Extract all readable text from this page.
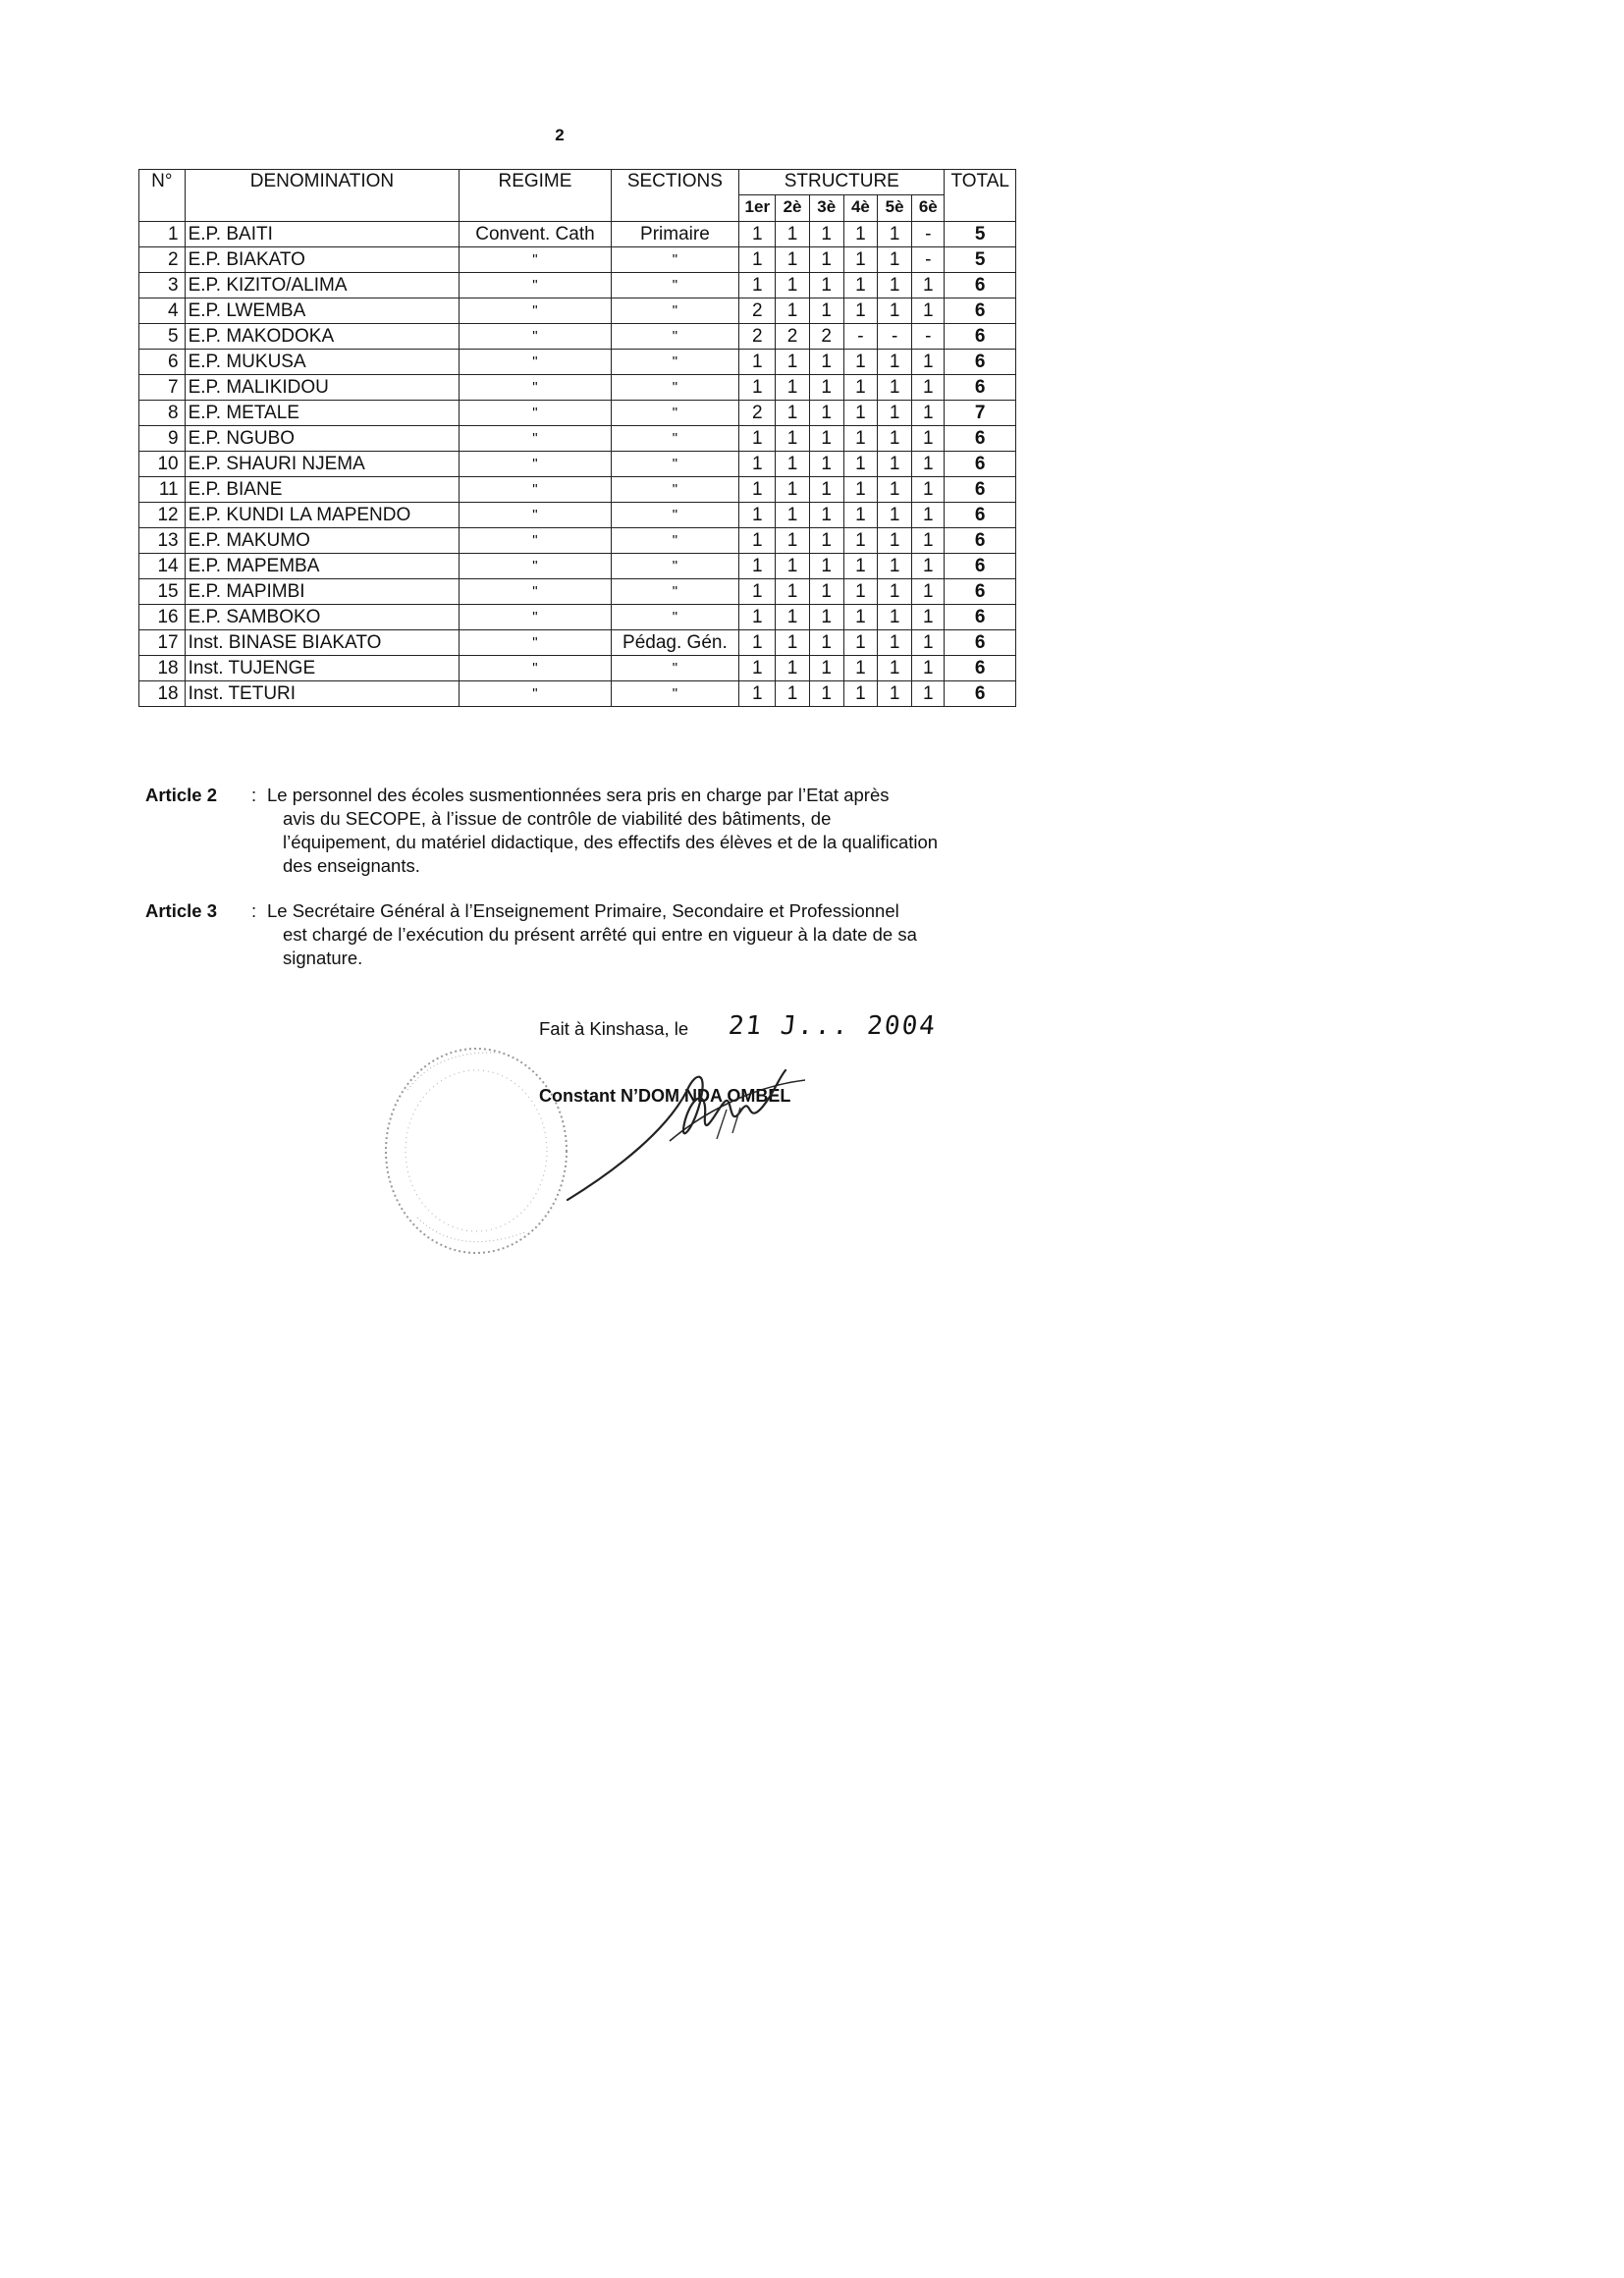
2
N°	DENOMINATION	REGIME	SECTIONS	STRUCTURE						TOTAL
				1er	2è	3è	4è	5è	6è	
1	E.P. BAITI	Convent. Cath	Primaire	1	1	1	1	1	-	5
2	E.P. BIAKATO	"	"	1	1	1	1	1	-	5
3	E.P. KIZITO/ALIMA	"	"	1	1	1	1	1	1	6
4	E.P. LWEMBA	"	"	2	1	1	1	1	1	6
5	E.P. MAKODOKA	"	"	2	2	2	-	-	-	6
6	E.P. MUKUSA	"	"	1	1	1	1	1	1	6
7	E.P. MALIKIDOU	"	"	1	1	1	1	1	1	6
8	E.P. METALE	"	"	2	1	1	1	1	1	7
9	E.P. NGUBO	"	"	1	1	1	1	1	1	6
10	E.P. SHAURI NJEMA	"	"	1	1	1	1	1	1	6
11	E.P. BIANE	"	"	1	1	1	1	1	1	6
12	E.P. KUNDI LA MAPENDO	"	"	1	1	1	1	1	1	6
13	E.P. MAKUMO	"	"	1	1	1	1	1	1	6
14	E.P. MAPEMBA	"	"	1	1	1	1	1	1	6
15	E.P. MAPIMBI	"	"	1	1	1	1	1	1	6
16	E.P. SAMBOKO	"	"	1	1	1	1	1	1	6
17	Inst. BINASE BIAKATO	"	Pédag. Gén.	1	1	1	1	1	1	6
18	Inst. TUJENGE	"	"	1	1	1	1	1	1	6
18	Inst. TETURI	"	"	1	1	1	1	1	1	6
Article 2	: Le personnel des écoles susmentionnées sera pris en charge par l’Etat après
avis du SECOPE, à l’issue de contrôle de viabilité des bâtiments, de
l’équipement, du matériel didactique, des effectifs des élèves et de la qualification
des enseignants.
Article 3	: Le Secrétaire Général à l’Enseignement Primaire, Secondaire et Professionnel
est chargé de l’exécution du présent arrêté qui entre en vigueur à la date de sa
signature.
Fait à Kinshasa, le 21 J... 2004
Constant N’DOM NDA OMBEL
